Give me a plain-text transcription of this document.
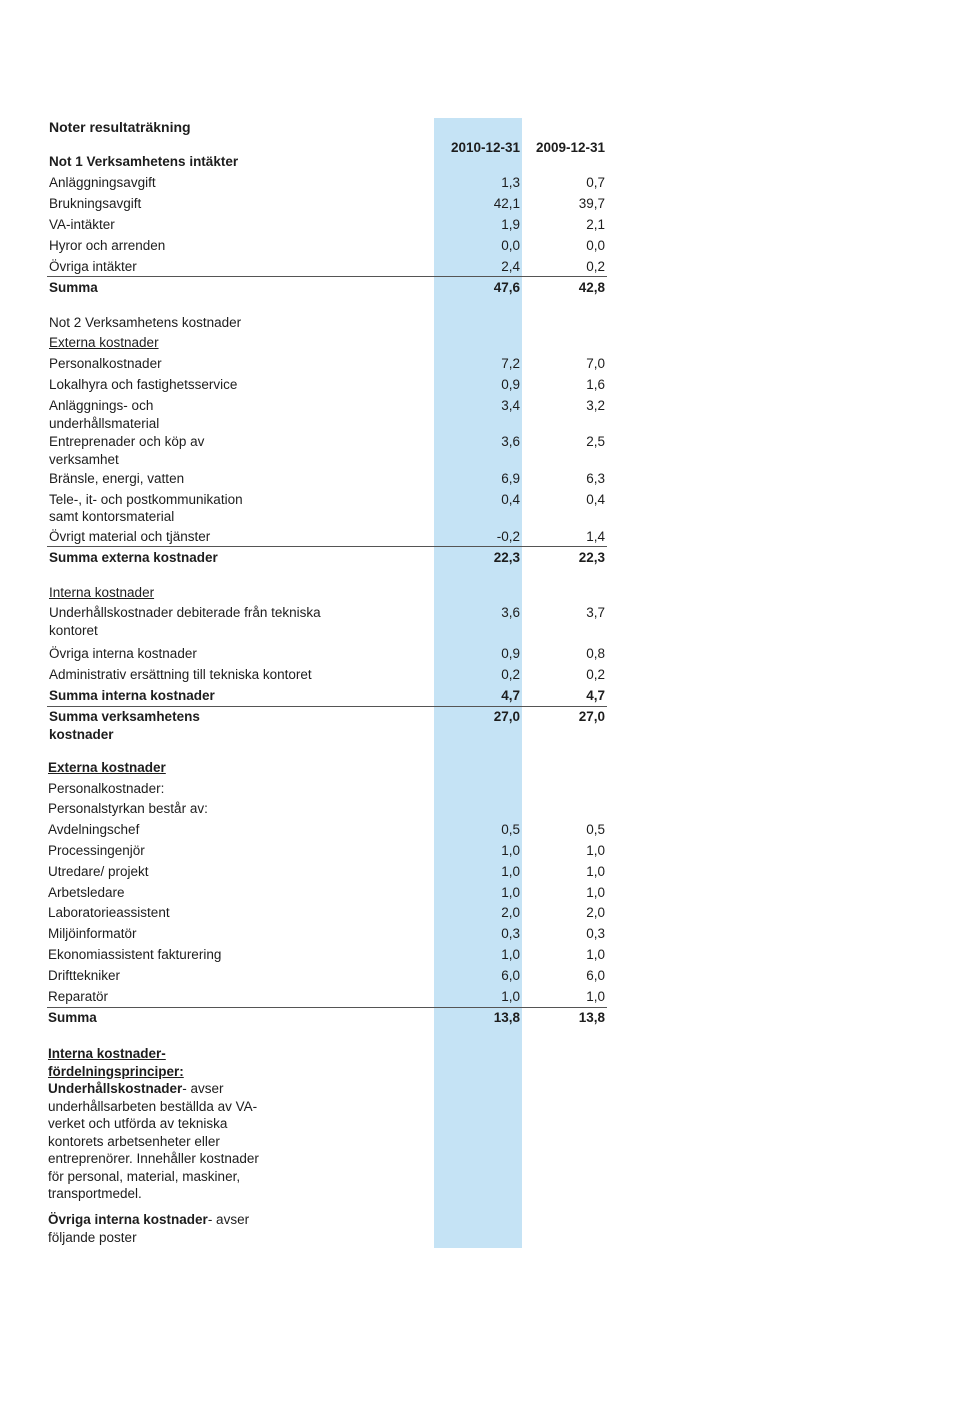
Noter resultaträkning
2010-12-31 2009-12-31
Not 1 Verksamhetens intäkter
Anläggningsavgift	1,3	0,7
Brukningsavgift	42,1	39,7
VA-intäkter	1,9	2,1
Hyror och arrenden	0,0	0,0
Övriga intäkter	2,4	0,2
Summa	47,6	42,8
Not 2 Verksamhetens kostnader
Externa kostnader
Personalkostnader	7,2	7,0
Lokalhyra och fastighetsservice	0,9	1,6
Anläggnings- och	3,4	3,2
underhållsmaterial
Entreprenader och köp av	3,6	2,5
verksamhet
Bränsle, energi, vatten	6,9	6,3
Tele-, it- och postkommunikation	0,4	0,4
samt kontorsmaterial
Övrigt material och tjänster	-0,2	1,4
Summa externa kostnader	22,3	22,3
Interna kostnader
Underhållskostnader debiterade från tekniska	3,6	3,7
kontoret
Övriga interna kostnader	0,9	0,8
Administrativ ersättning till tekniska kontoret	0,2	0,2
Summa interna kostnader	4,7	4,7
Summa verksamhetens	27,0	27,0
kostnader
Externa kostnader
Personalkostnader:
Personalstyrkan består av:
Avdelningschef	0,5	0,5
Processingenjör	1,0	1,0
Utredare/ projekt	1,0	1,0
Arbetsledare	1,0	1,0
Laboratorieassistent	2,0	2,0
Miljöinformatör	0,3	0,3
Ekonomiassistent fakturering	1,0	1,0
Drifttekniker	6,0	6,0
Reparatör	1,0	1,0
Summa	13,8	13,8
Interna kostnader-
fördelningsprinciper:
Underhållskostnader- avser underhållsarbeten beställda av VA-verket och utförda av tekniska kontorets arbetsenheter eller entreprenörer. Innehåller kostnader för personal, material, maskiner, transportmedel.
Övriga interna kostnader- avser följande poster
